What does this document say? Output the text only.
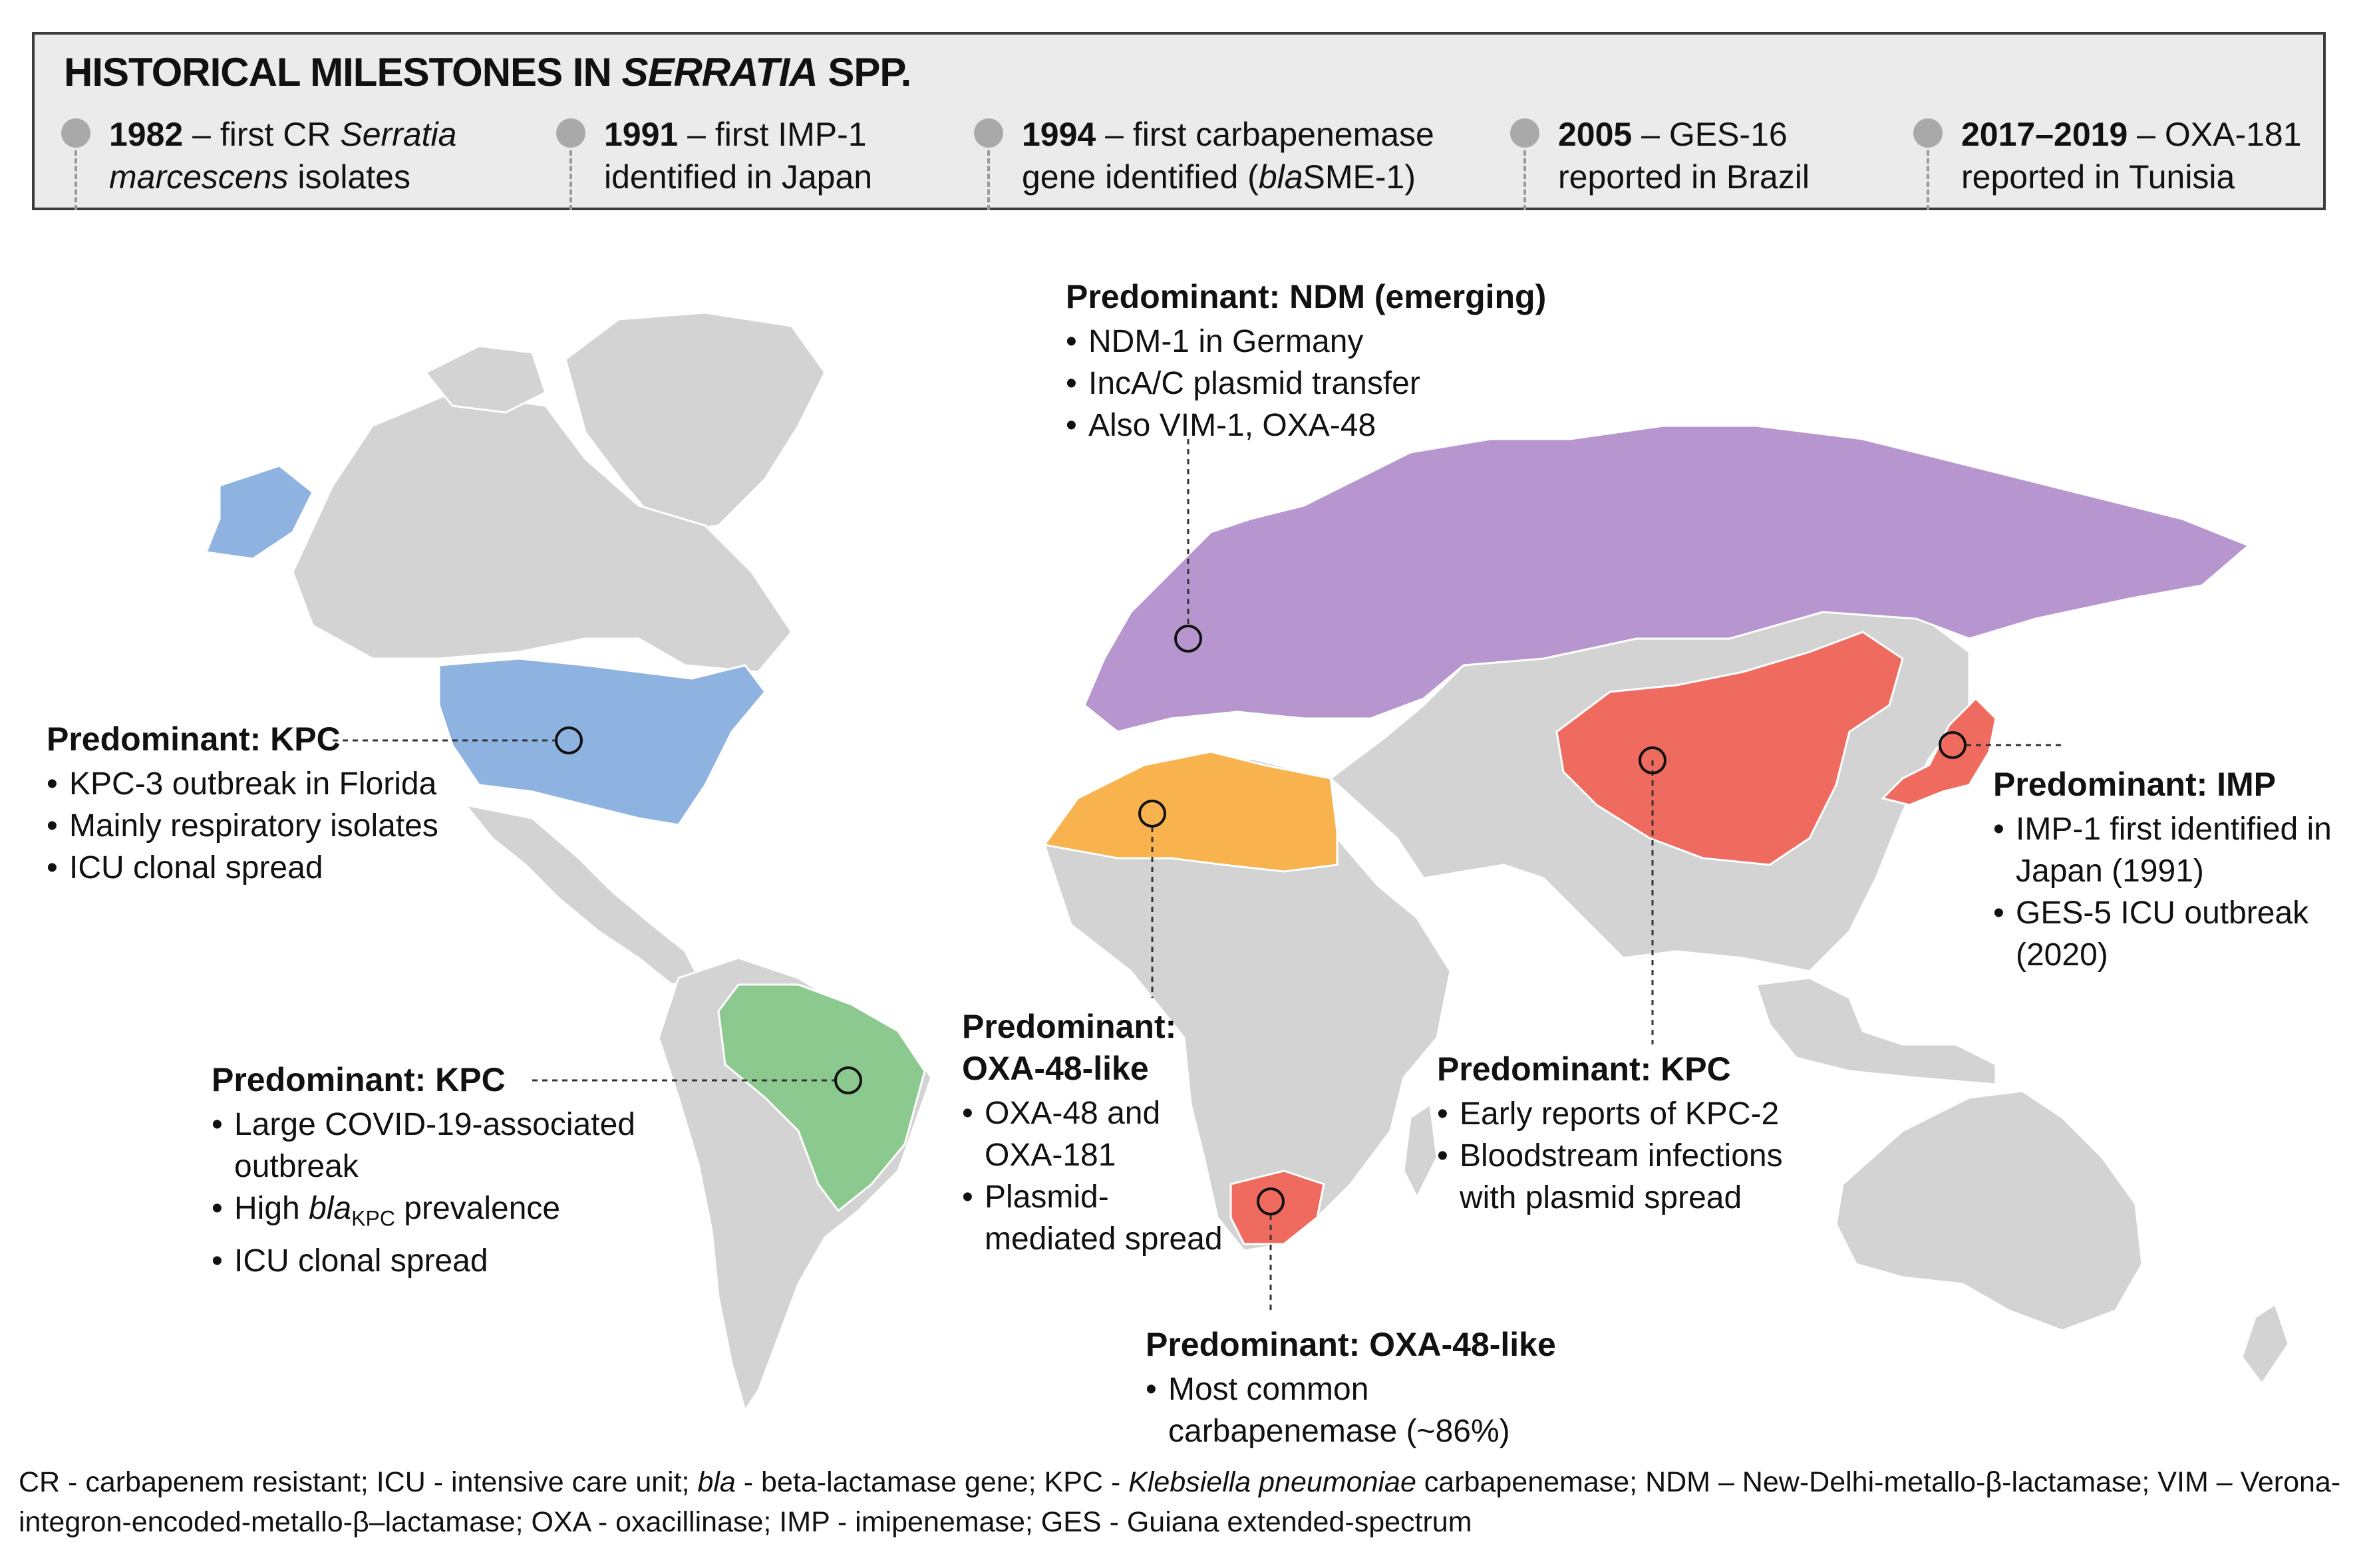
HISTORICAL MILESTONES IN SERRATIA SPP.
1982 – first CR Serratia
marcescens isolates
1991 – first IMP-1
identified in Japan
1994 – first carbapenemase
gene identified (blaSME-1)
2005 – GES-16
reported in Brazil
2017–2019 – OXA-181
reported in Tunisia
Predominant: KPC
• KPC-3 outbreak in Florida
• Mainly respiratory isolates
• ICU clonal spread
Predominant: KPC
• Large COVID-19-associated
outbreak
• High bla$_{KPC}$ prevalence
• ICU clonal spread
Predominant: NDM (emerging)
• NDM-1 in Germany
• IncA/C plasmid transfer
• Also VIM-1, OXA-48
Predominant:
OXA-48-like
• OXA-48 and
OXA-181
• Plasmid-
mediated spread
Predominant: KPC
• Early reports of KPC-2
• Bloodstream infections
with plasmid spread
Predominant: IMP
• IMP-1 first identified in
Japan (1991)
• GES-5 ICU outbreak
(2020)
Predominant: OXA-48-like
• Most common
carbapenemase (~86%)
CR - carbapenem resistant; ICU - intensive care unit; bla - beta-lactamase gene; KPC - Klebsiella pneumoniae carbapenemase; NDM – New-Delhi-metallo-β-lactamase; VIM – Verona-integron-encoded-metallo-β–lactamase; OXA - oxacillinase; IMP - imipenemase; GES - Guiana extended-spectrum
